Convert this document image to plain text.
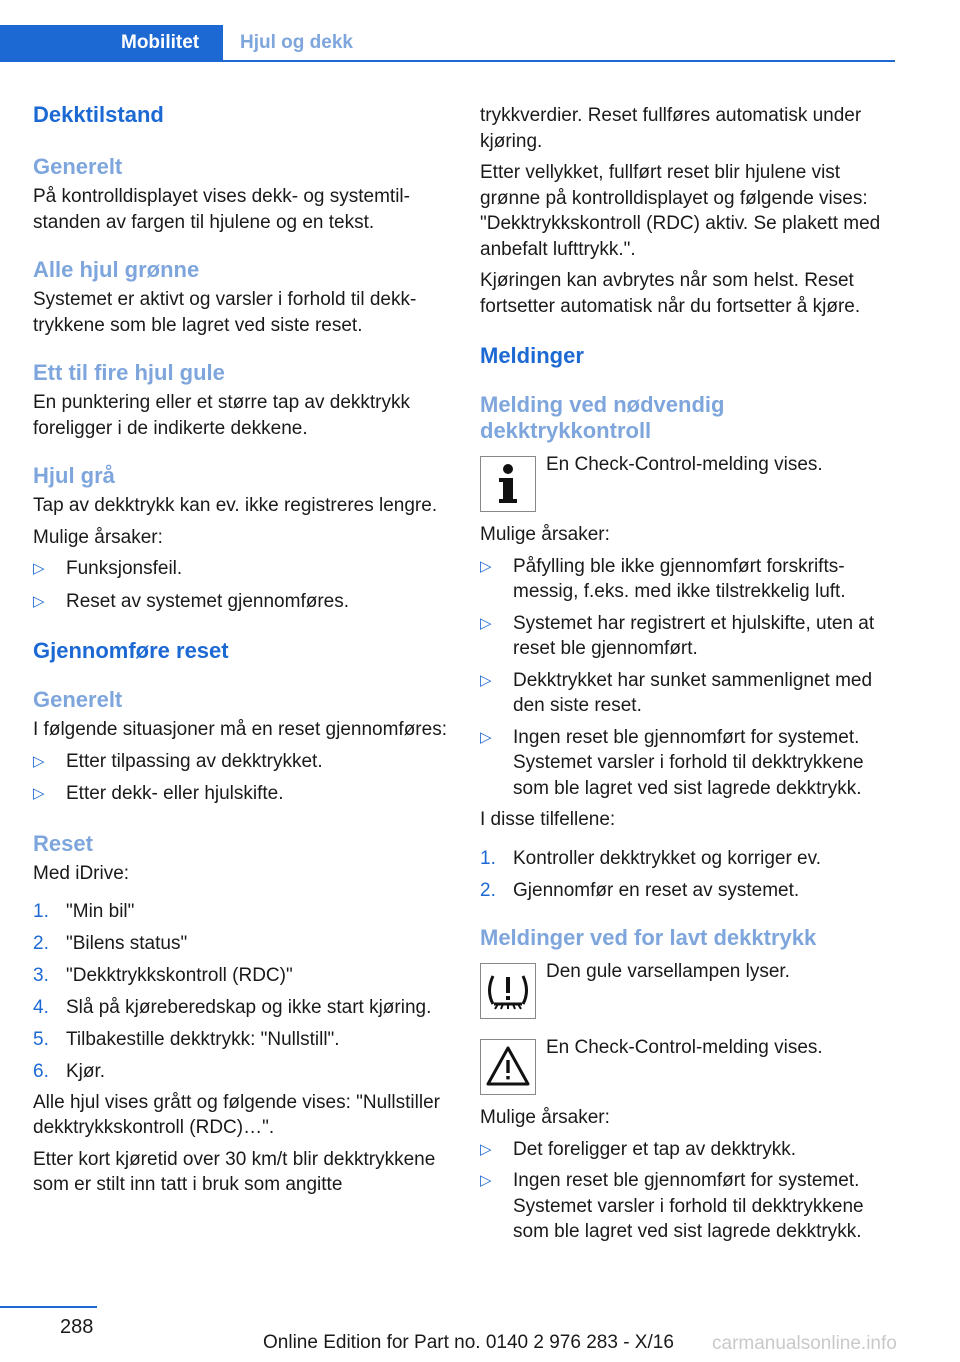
Mobilitet	Hjul og dekk
Dekktilstand
Generelt
På kontrolldisplayet vises dekk- og systemtilstanden av fargen til hjulene og en tekst.
Alle hjul grønne
Systemet er aktivt og varsler i forhold til dekktrykkene som ble lagret ved siste reset.
Ett til fire hjul gule
En punktering eller et større tap av dekktrykk foreligger i de indikerte dekkene.
Hjul grå
Tap av dekktrykk kan ev. ikke registreres lengre.
Mulige årsaker:
▷ Funksjonsfeil.
▷ Reset av systemet gjennomføres.
Gjennomføre reset
Generelt
I følgende situasjoner må en reset gjennomføres:
▷ Etter tilpassing av dekktrykket.
▷ Etter dekk- eller hjulskifte.
Reset
Med iDrive:
1. "Min bil"
2. "Bilens status"
3. "Dekktrykkskontroll (RDC)"
4. Slå på kjøreberedskap og ikke start kjøring.
5. Tilbakestille dekktrykk: "Nullstill".
6. Kjør.
Alle hjul vises grått og følgende vises: "Nullstiller dekktrykkskontroll (RDC)…".
Etter kort kjøretid over 30 km/t blir dekktrykkene som er stilt inn tatt i bruk som angitte
trykkverdier. Reset fullføres automatisk under kjøring.
Etter vellykket, fullført reset blir hjulene vist grønne på kontrolldisplayet og følgende vises: "Dekktrykkskontroll (RDC) aktiv. Se plakett med anbefalt lufttrykk.".
Kjøringen kan avbrytes når som helst. Reset fortsetter automatisk når du fortsetter å kjøre.
Meldinger
Melding ved nødvendig dekktrykkontroll
En Check-Control-melding vises.
Mulige årsaker:
▷ Påfylling ble ikke gjennomført forskriftsmessig, f.eks. med ikke tilstrekkelig luft.
▷ Systemet har registrert et hjulskifte, uten at reset ble gjennomført.
▷ Dekktrykket har sunket sammenlignet med den siste reset.
▷ Ingen reset ble gjennomført for systemet. Systemet varsler i forhold til dekktrykkene som ble lagret ved sist lagrede dekktrykk.
I disse tilfellene:
1. Kontroller dekktrykket og korriger ev.
2. Gjennomfør en reset av systemet.
Meldinger ved for lavt dekktrykk
Den gule varsellampen lyser.
En Check-Control-melding vises.
Mulige årsaker:
▷ Det foreligger et tap av dekktrykk.
▷ Ingen reset ble gjennomført for systemet. Systemet varsler i forhold til dekktrykkene som ble lagret ved sist lagrede dekktrykk.
288
Online Edition for Part no. 0140 2 976 283 - X/16 carmanualsonline.info
